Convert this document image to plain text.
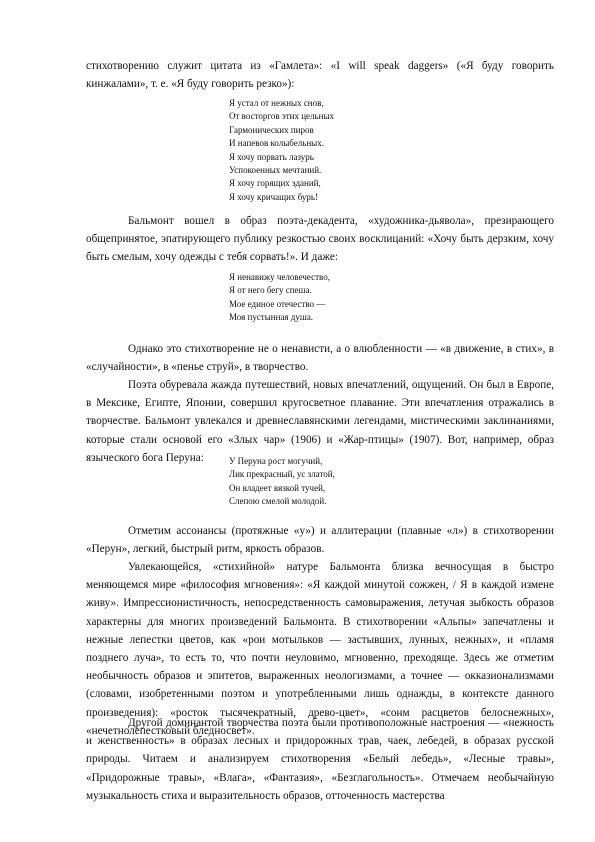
стихотворению служит цитата из «Гамлета»: «I will speak daggers» («Я буду говорить кинжалами», т. е. «Я буду говорить резко»):

Я устал от нежных снов,
От восторгов этих цельных
Гармонических пиров
И напевов колыбельных.
Я хочу порвать лазурь
Успокоенных мечтаний.
Я хочу горящих зданий,
Я хочу кричащих бурь!

Бальмонт вошел в образ поэта-декадента, «художника-дьявола», презирающего общепринятое, эпатирующего публику резкостью своих восклицаний: «Хочу быть дерзким, хочу быть смелым, хочу одежды с тебя сорвать!». И даже:

Я ненавижу человечество,
Я от него бегу спеша.
Мое единое отечество —
Моя пустынная душа.

Однако это стихотворение не о ненависти, а о влюбленности — «в движение, в стих», в «случайности», в «пенье струй», в творчество.

Поэта обуревала жажда путешествий, новых впечатлений, ощущений. Он был в Европе, в Мексике, Египте, Японии, совершил кругосветное плавание. Эти впечатления отражались в творчестве. Бальмонт увлекался и древнеславянскими легендами, мистическими заклинаниями, которые стали основой его «Злых чар» (1906) и «Жар-птицы» (1907). Вот, например, образ языческого бога Перуна:	У Перуна рост могучий,
Лик прекрасный, ус златой,
Он владеет вязкой тучей,
Слепою смелой молодой.

Отметим ассонансы (протяжные «у») и аллитерации (плавные «л») в стихотворении «Перун», легкий, быстрый ритм, яркость образов.

Увлекающейся, «стихийной» натуре Бальмонта близка вечносущая в быстро меняющемся мире «философия мгновения»: «Я каждой минутой сожжен, / Я в каждой измене живу». Импрессионистичность, непосредственность самовыражения, летучая зыбкость образов характерны для многих произведений Бальмонта. В стихотворении «Альпы» запечатлены и нежные лепестки цветов, как «рои мотыльков — застывших, лунных, нежных», и «пламя позднего луча», то есть то, что почти неуловимо, мгновенно, преходяще. Здесь же отметим необычность образов и эпитетов, выраженных неологизмами, а точнее — окказионализмами (словами, изобретенными поэтом и употребленными лишь однажды, в контексте данного произведения): «росток тысячекратный, древо-цвет», «сонм расцветов белоснежных», «нечетнолепестковый бледносвет».

Другой доминантой творчества поэта были противоположные настроения — «нежность и женственность» в образах лесных и придорожных трав, чаек, лебедей, в образах русской природы. Читаем и анализируем стихотворения «Белый лебедь», «Лесные травы», «Придорожные травы», «Влага», «Фантазия», «Безглагольность». Отмечаем необычайную музыкальность стиха и выразительность образов, отточенность мастерства
